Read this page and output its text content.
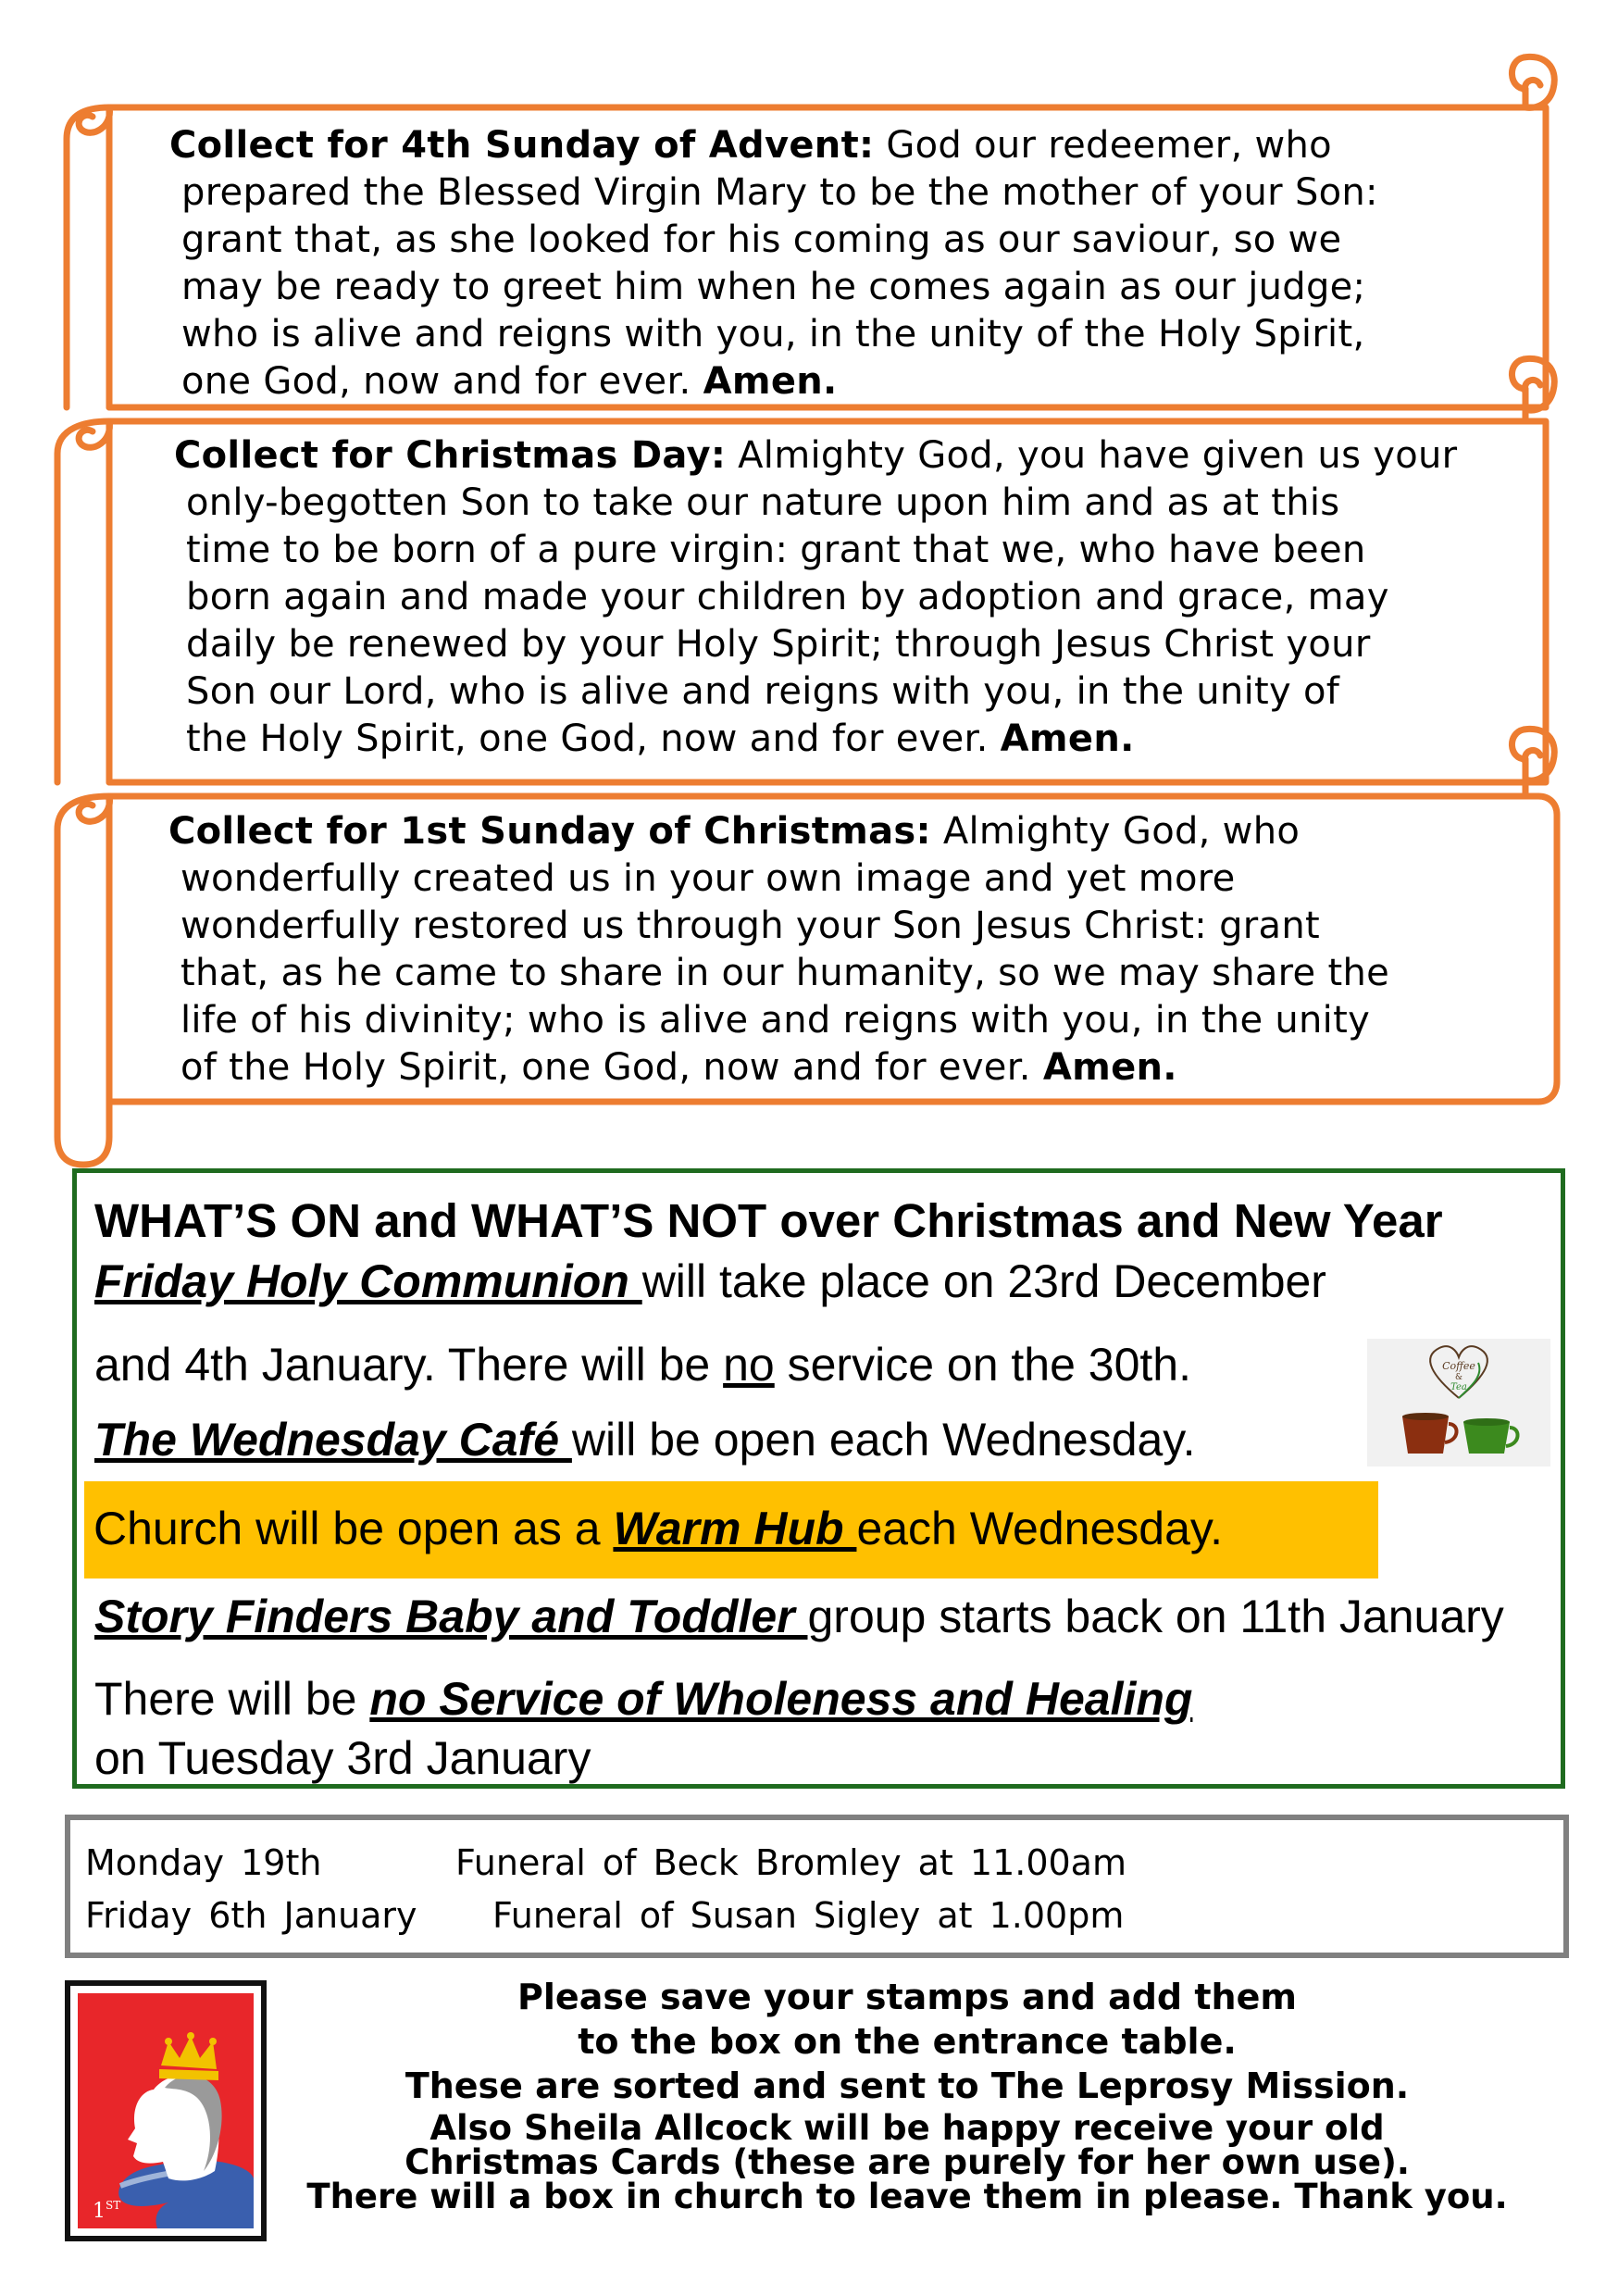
Collect for 4th Sunday of Advent: God our redeemer, who

prepared the Blessed Virgin Mary to be the mother of your Son:

grant that, as she looked for his coming as our saviour, so we

may be ready to greet him when he comes again as our judge;

who is alive and reigns with you, in the unity of the Holy Spirit,

one God, now and for ever. Amen.

Collect for Christmas Day: Almighty God, you have given us your

only-begotten Son to take our nature upon him and as at this

time to be born of a pure virgin: grant that we, who have been

born again and made your children by adoption and grace, may

daily be renewed by your Holy Spirit; through Jesus Christ your

Son our Lord, who is alive and reigns with you, in the unity of

the Holy Spirit, one God, now and for ever. Amen.

Collect for 1st Sunday of Christmas: Almighty God, who

wonderfully created us in your own image and yet more

wonderfully restored us through your Son Jesus Christ: grant

that, as he came to share in our humanity, so we may share the

life of his divinity; who is alive and reigns with you, in the unity

of the Holy Spirit, one God, now and for ever. Amen.

WHAT’S ON and WHAT’S NOT over Christmas and New Year
Friday Holy Communion will take place on 23rd December
and 4th January. There will be no service on the 30th.
The Wednesday Café will be open each Wednesday.
Church will be open as a Warm Hub each Wednesday.
Story Finders Baby and Toddler group starts back on 11th January
There will be no Service of Wholeness and Healing
on Tuesday 3rd January
Coffee
&
Tea
Monday 19th	Funeral of Beck Bromley at 11.00am
Friday 6th January Funeral of Susan Sigley at 1.00pm
1ST
Please save your stamps and add them
to the box on the entrance table.
These are sorted and sent to The Leprosy Mission.
Also Sheila Allcock will be happy receive your old
Christmas Cards (these are purely for her own use).
There will a box in church to leave them in please. Thank you.
